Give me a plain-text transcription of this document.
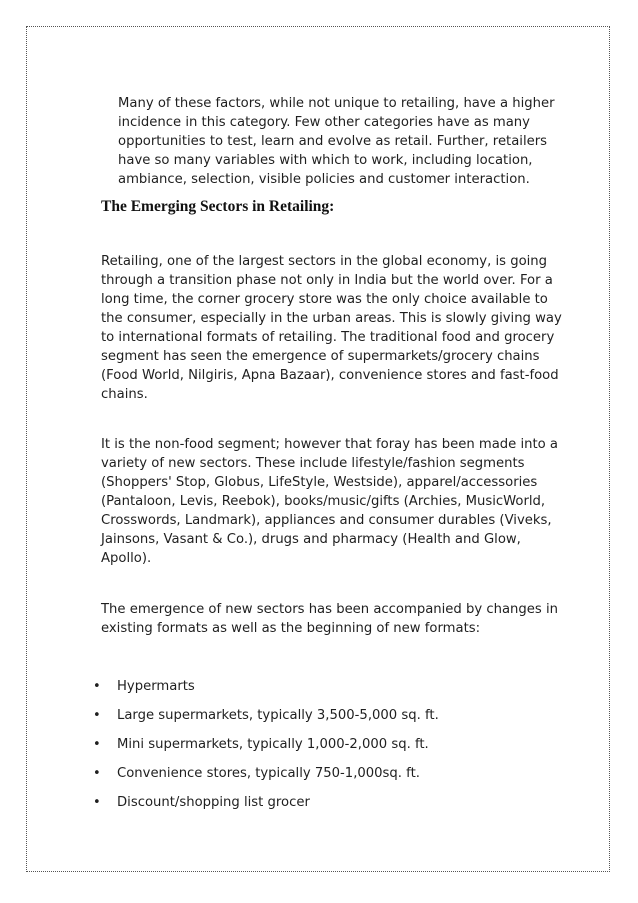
Many of these factors, while not unique to retailing, have a higher incidence in this category. Few other categories have as many opportunities to test, learn and evolve as retail. Further, retailers have so many variables with which to work, including location, ambiance, selection, visible policies and customer interaction.

The Emerging Sectors in Retailing:

Retailing, one of the largest sectors in the global economy, is going through a transition phase not only in India but the world over. For a long time, the corner grocery store was the only choice available to the consumer, especially in the urban areas. This is slowly giving way to international formats of retailing. The traditional food and grocery segment has seen the emergence of supermarkets/grocery chains (Food World, Nilgiris, Apna Bazaar), convenience stores and fast-food chains.

It is the non-food segment; however that foray has been made into a variety of new sectors. These include lifestyle/fashion segments (Shoppers' Stop, Globus, LifeStyle, Westside), apparel/accessories (Pantaloon, Levis, Reebok), books/music/gifts (Archies, MusicWorld, Crosswords, Landmark), appliances and consumer durables (Viveks, Jainsons, Vasant & Co.), drugs and pharmacy (Health and Glow, Apollo).

The emergence of new sectors has been accompanied by changes in existing formats as well as the beginning of new formats:

• Hypermarts
• Large supermarkets, typically 3,500-5,000 sq. ft.
• Mini supermarkets, typically 1,000-2,000 sq. ft.
• Convenience stores, typically 750-1,000sq. ft.
• Discount/shopping list grocer
